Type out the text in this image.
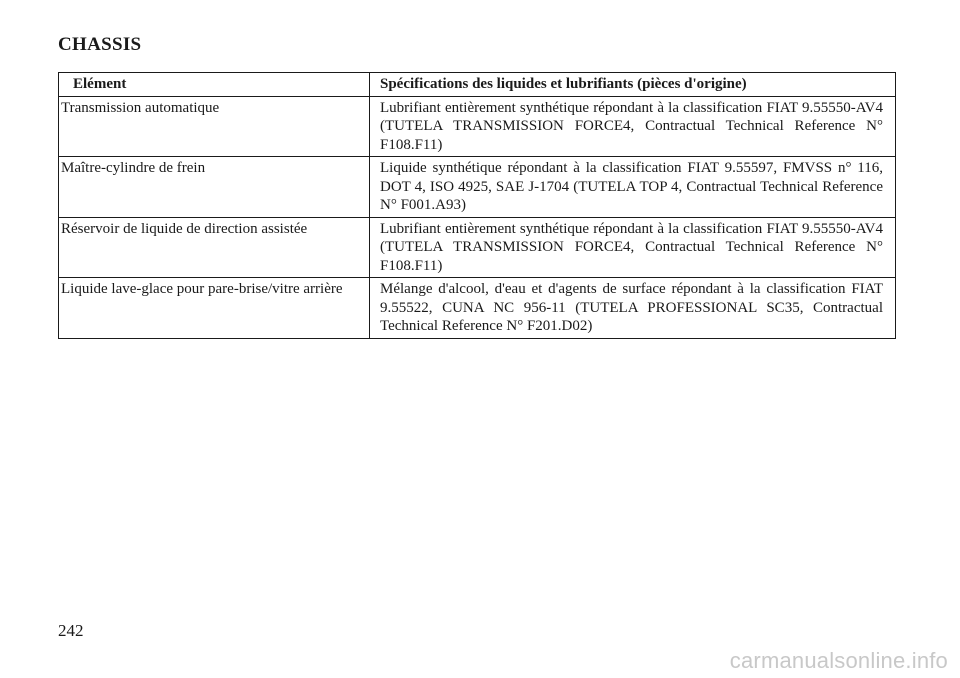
CHASSIS
Elément	Spécifications des liquides et lubrifiants (pièces d'origine)
Transmission automatique	Lubrifiant entièrement synthétique répondant à la classification FIAT 9.55550-AV4 (TUTELA TRANSMISSION FORCE4, Contractual Technical Reference N° F108.F11)
Maître-cylindre de frein	Liquide synthétique répondant à la classification FIAT 9.55597, FMVSS n° 116, DOT 4, ISO 4925, SAE J-1704 (TUTELA TOP 4, Contractual Technical Reference N° F001.A93)
Réservoir de liquide de direction assistée	Lubrifiant entièrement synthétique répondant à la classification FIAT 9.55550-AV4 (TUTELA TRANSMISSION FORCE4, Contractual Technical Reference N° F108.F11)
Liquide lave-glace pour pare-brise/vitre arrière	Mélange d'alcool, d'eau et d'agents de surface répondant à la classification FIAT 9.55522, CUNA NC 956-11 (TUTELA PROFESSIONAL SC35, Contractual Technical Reference N° F201.D02)

242

carmanualsonline.info
